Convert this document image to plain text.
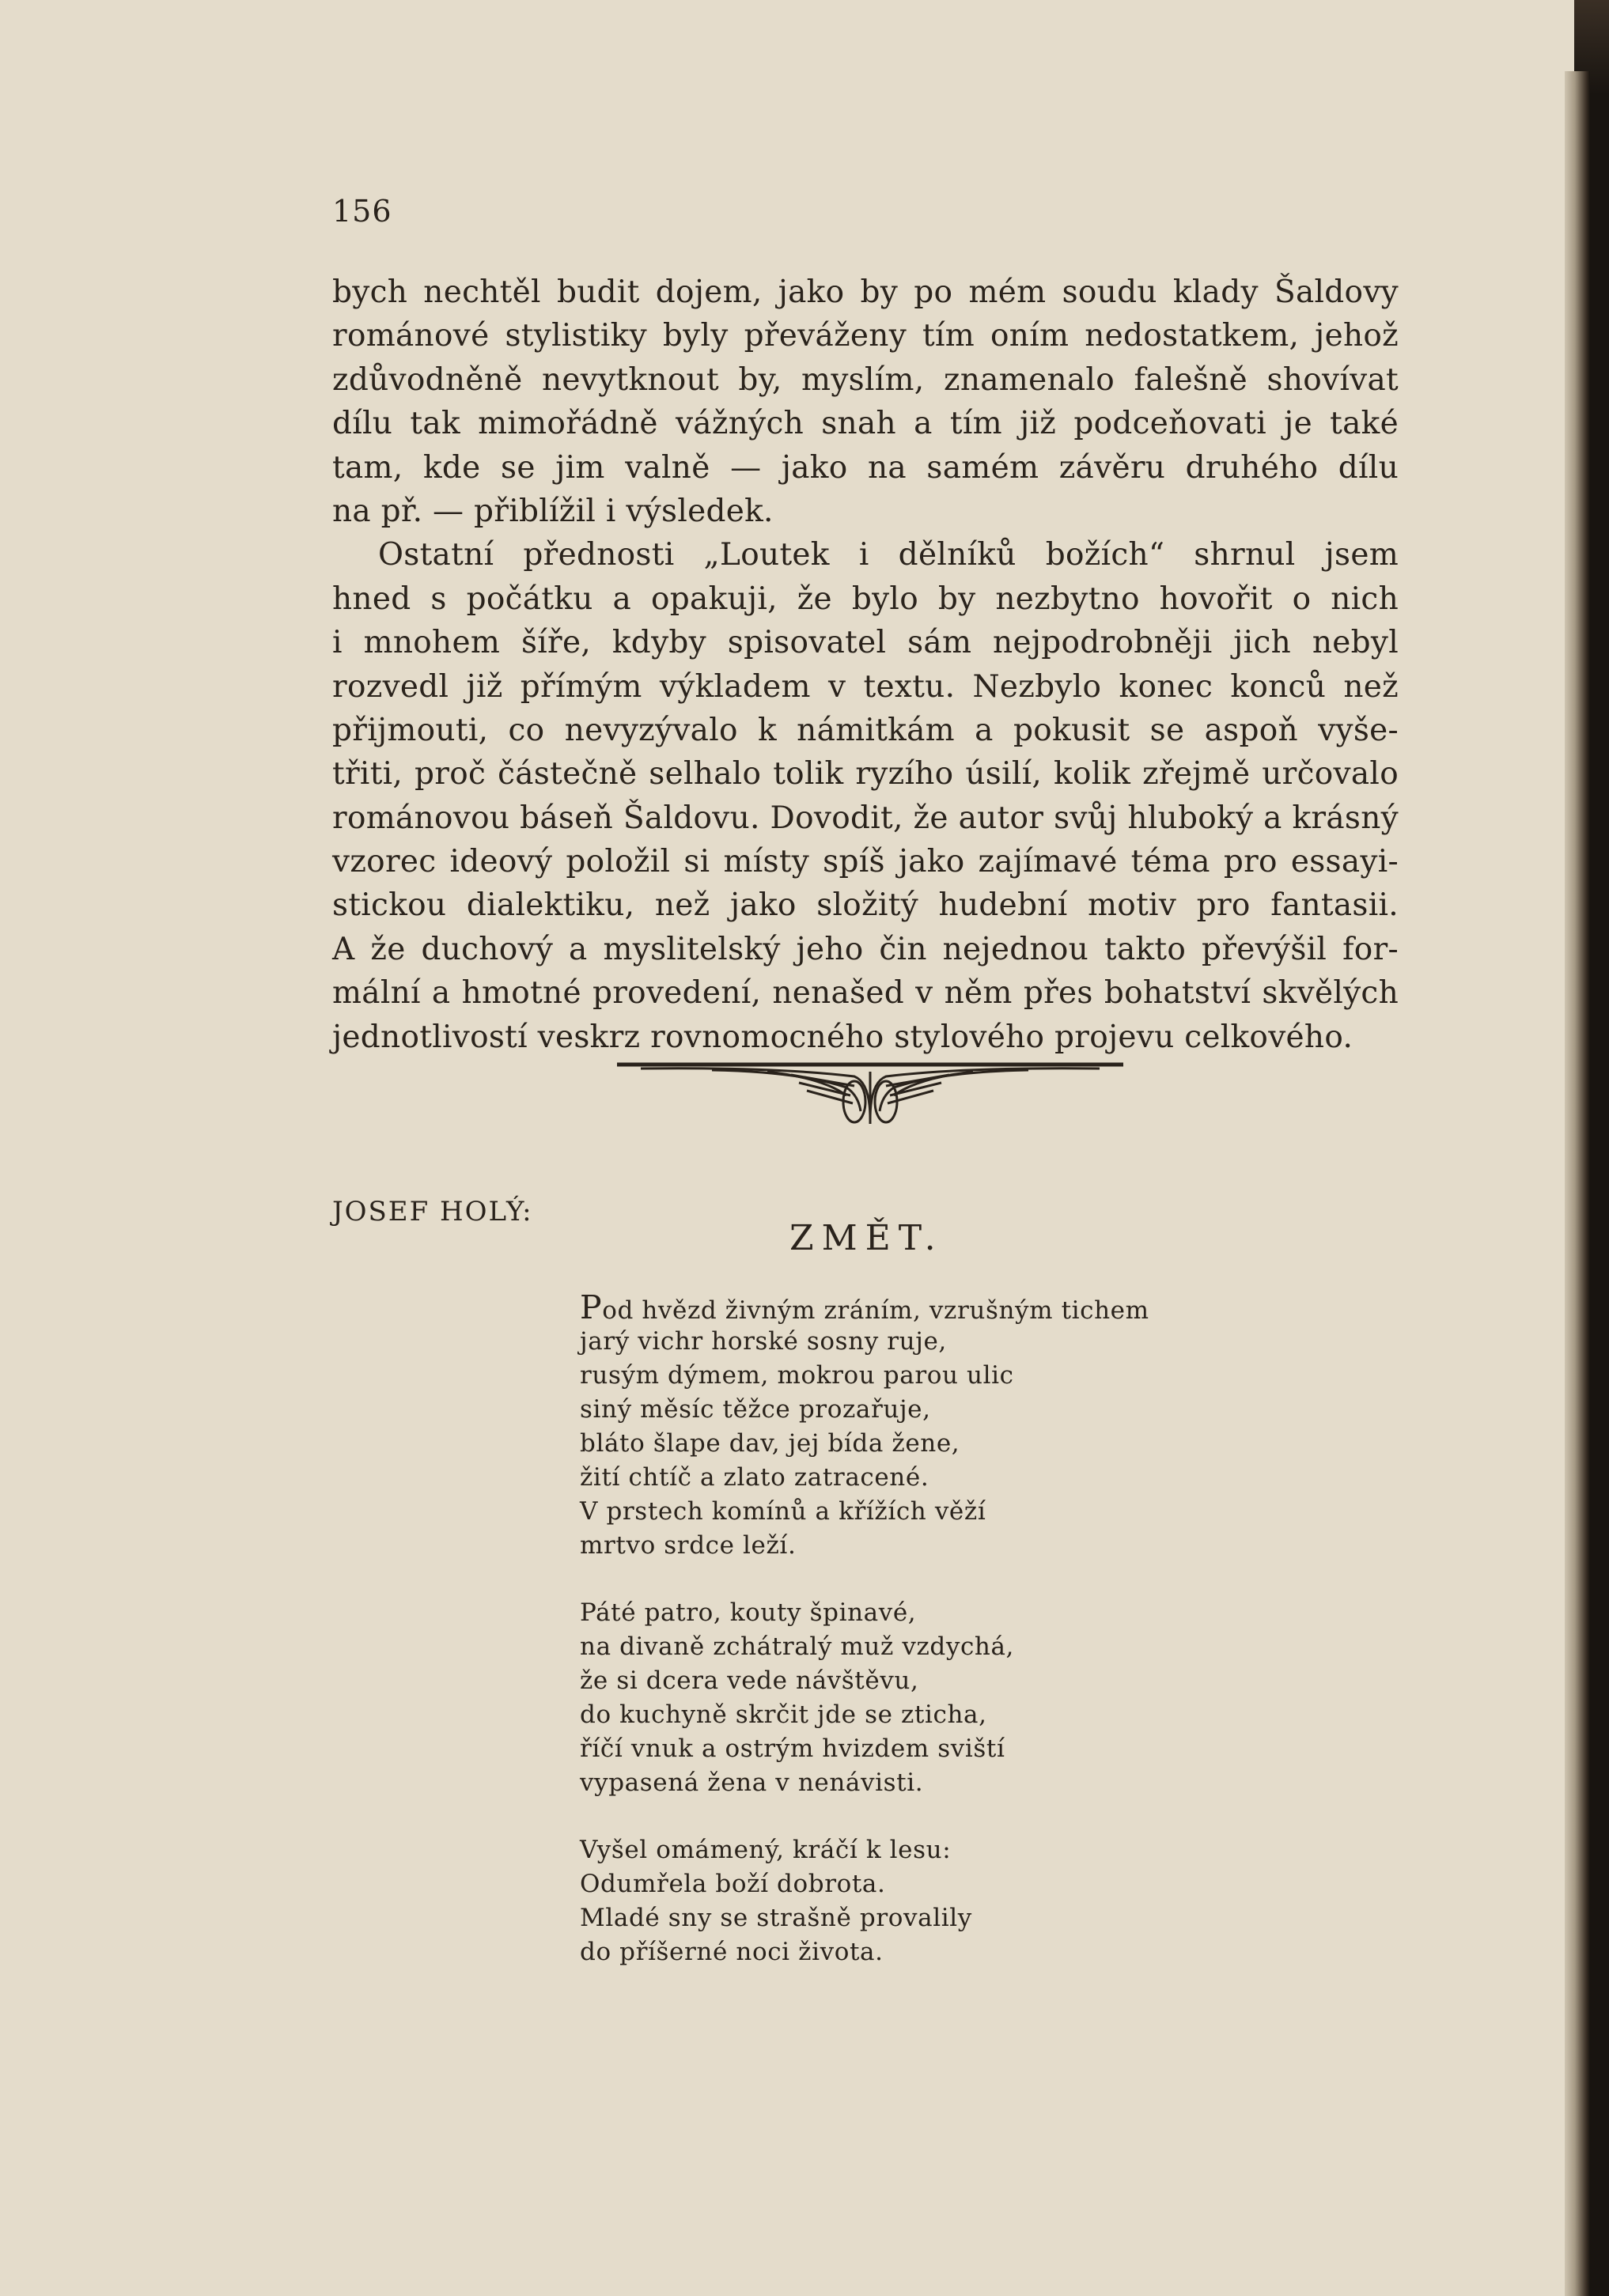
156
bych nechtěl budit dojem, jako by po mém soudu klady Šaldovy
románové stylistiky byly převáženy tím oním nedostatkem, jehož
zdůvodněně nevytknout by, myslím, znamenalo falešně shovívat
dílu tak mimořádně vážných snah a tím již podceňovati je také
tam, kde se jim valně — jako na samém závěru druhého dílu
na př. — přiblížil i výsledek.
Ostatní přednosti „Loutek i dělníků božích“ shrnul jsem
hned s počátku a opakuji, že bylo by nezbytno hovořit o nich
i mnohem šíře, kdyby spisovatel sám nejpodrobněji jich nebyl
rozvedl již přímým výkladem v textu. Nezbylo konec konců než
přijmouti, co nevyzývalo k námitkám a pokusit se aspoň vyše-
třiti, proč částečně selhalo tolik ryzího úsilí, kolik zřejmě určovalo
románovou báseň Šaldovu. Dovodit, že autor svůj hluboký a krásný
vzorec ideový položil si místy spíš jako zajímavé téma pro essayi-
stickou dialektiku, než jako složitý hudební motiv pro fantasii.
A že duchový a myslitelský jeho čin nejednou takto převýšil for-
mální a hmotné provedení, nenašed v něm přes bohatství skvělých
jednotlivostí veskrz rovnomocného stylového projevu celkového.
JOSEF HOLÝ:
ZMĚT.
Pod hvězd živným zráním, vzrušným tichem
jarý vichr horské sosny ruje,
rusým dýmem, mokrou parou ulic
siný měsíc těžce prozařuje,
bláto šlape dav, jej bída žene,
žití chtíč a zlato zatracené.
V prstech komínů a křížích věží
mrtvo srdce leží.
Páté patro, kouty špinavé,
na divaně zchátralý muž vzdychá,
že si dcera vede návštěvu,
do kuchyně skrčit jde se zticha,
říčí vnuk a ostrým hvizdem sviští
vypasená žena v nenávisti.
Vyšel omámený, kráčí k lesu:
Odumřela boží dobrota.
Mladé sny se strašně provalily
do příšerné noci života.
